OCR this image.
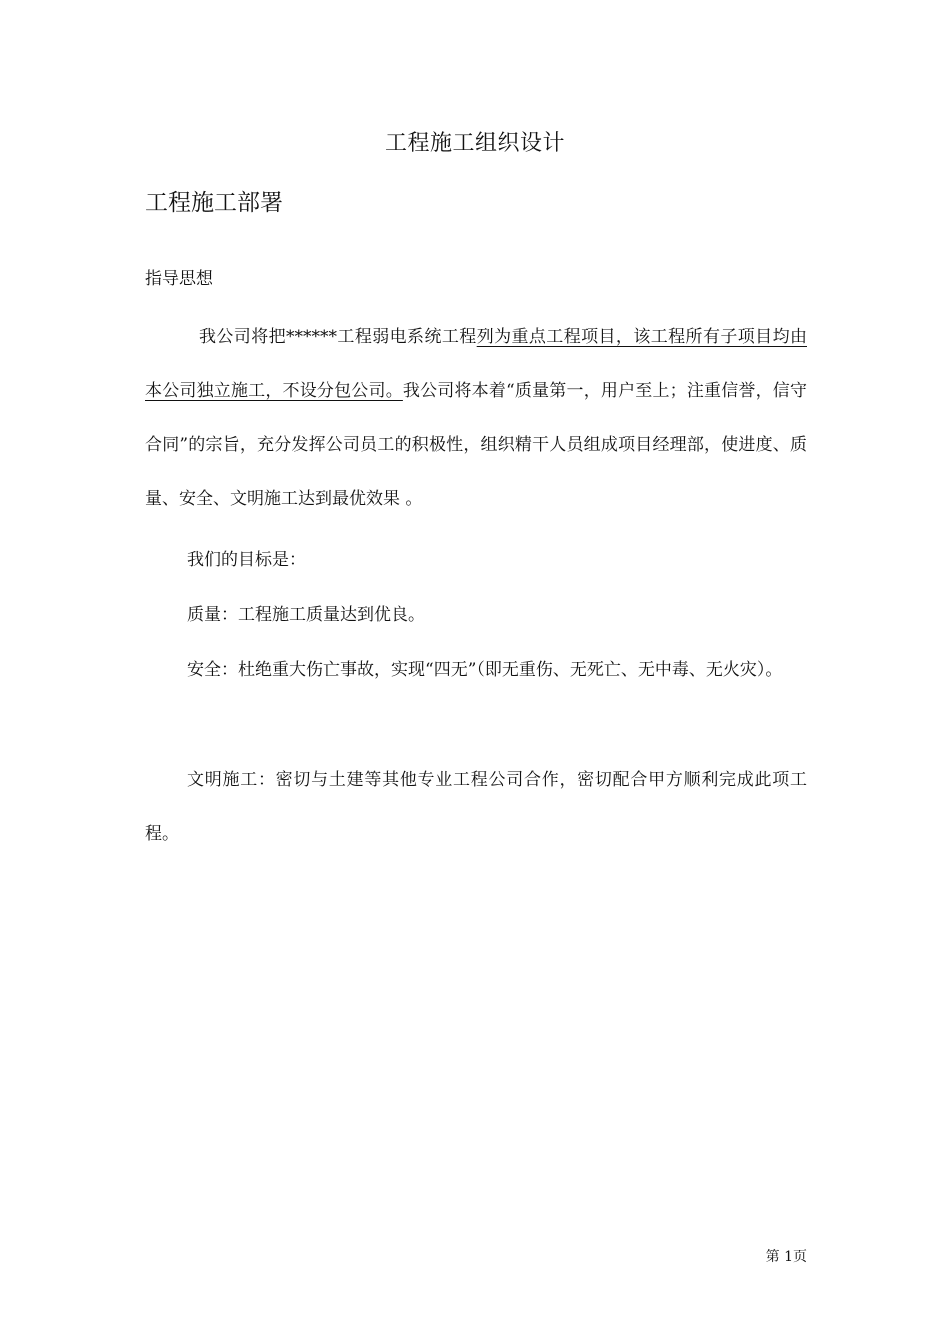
工程施工组织设计
工程施工部署
指导思想
我公司将把******工程弱电系统工程列为重点工程项目，该工程所有子项目均由本公司独立施工，不设分包公司。我公司将本着“质量第一，用户至上；注重信誉，信守合同”的宗旨，充分发挥公司员工的积极性，组织精干人员组成项目经理部，使进度、质量、安全、文明施工达到最优效果 。
我们的目标是：
质量：工程施工质量达到优良。
安全：杜绝重大伤亡事故，实现“四无”（即无重伤、无死亡、无中毒、无火灾）。
文明施工：密切与土建等其他专业工程公司合作，密切配合甲方顺利完成此项工程。
第 1页
